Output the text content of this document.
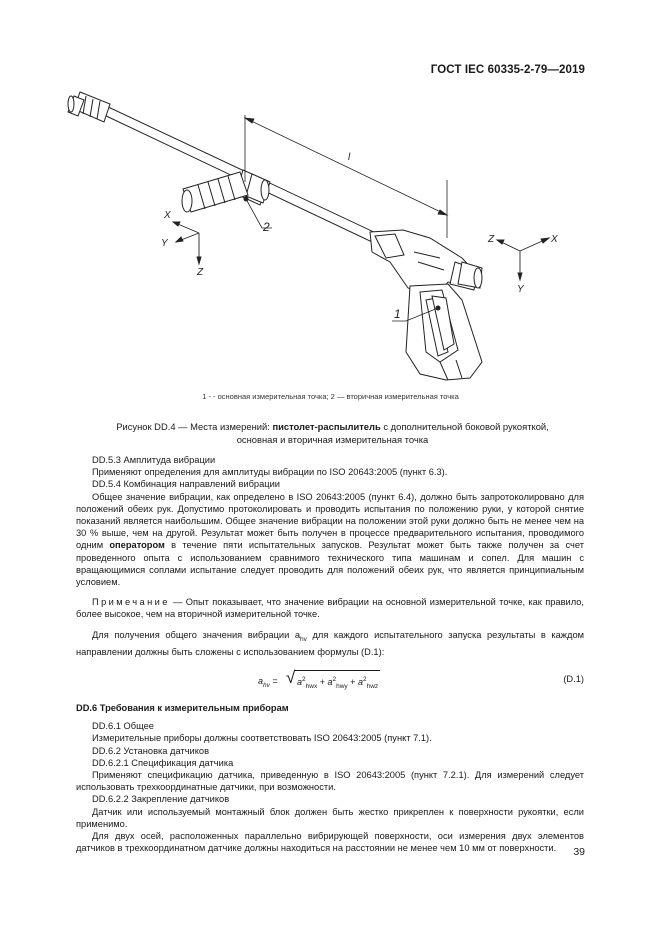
ГОСТ IEC 60335-2-79—2019
X
Y
Z
Z	X
Y
l
2
1
1 - - основная измерительная точка; 2 — вторичная измерительная точка
Рисунок DD.4 — Места измерений: пистолет-распылитель с дополнительной боковой рукояткой,
основная и вторичная измерительная точка

DD.5.3 Амплитуда вибрации

Применяют определения для амплитуды вибрации по ISO 20643:2005 (пункт 6.3).

DD.5.4 Комбинация направлений вибрации

Общее значение вибрации, как определено в ISO 20643:2005 (пункт 6.4), должно быть запротоколировано для положений обеих рук. Допустимо протоколировать и проводить испытания по положению руки, у которой снятие показаний является наибольшим. Общее значение вибрации на положении этой руки должно быть не менее чем на 30 % выше, чем на другой. Результат может быть получен в процессе предварительного испытания, проводимого одним оператором в течение пяти испытательных запусков. Результат может быть также получен за счет проведенного опыта с использованием сравнимого технического типа машинам и сопел. Для машин с вращающимися соплами испытание следует проводить для положений обеих рук, что является принципиальным условием.

Примечание — Опыт показывает, что значение вибрации на основной измерительной точке, как правило, более высокое, чем на вторичной измерительной точке.

Для получения общего значения вибрации $a_{hv}$ для каждого испытательного запуска результаты в каждом направлении должны быть сложены с использованием формулы (D.1):

$a_{hv}$ = √ $a^2_{hwx} + a^2_{hwy} + a^2_{hwz}$
(D.1)

DD.6 Требования к измерительным приборам

DD.6.1 Общее

Измерительные приборы должны соответствовать ISO 20643:2005 (пункт 7.1).

DD.6.2 Установка датчиков

DD.6.2.1 Спецификация датчика

Применяют спецификацию датчика, приведенную в ISO 20643:2005 (пункт 7.2.1). Для измерений следует использовать трехкоординатные датчики, при возможности.

DD.6.2.2 Закрепление датчиков

Датчик или используемый монтажный блок должен быть жестко прикреплен к поверхности рукоятки, если применимо.

Для двух осей, расположенных параллельно вибрирующей поверхности, оси измерения двух элементов датчиков в трехкоординатном датчике должны находиться на расстоянии не менее чем 10 мм от поверхности.	39
